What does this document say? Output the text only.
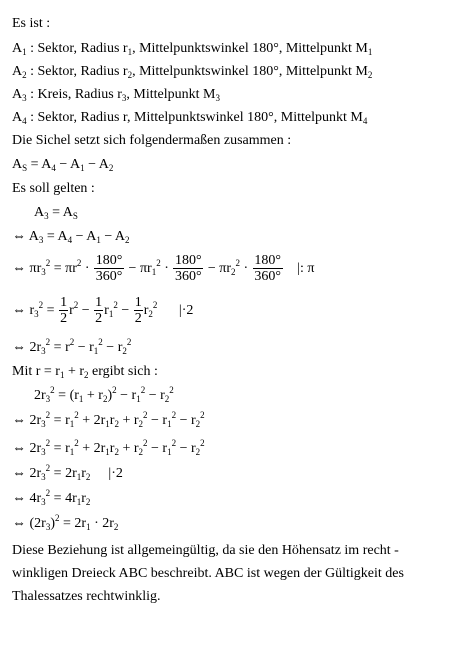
Es ist :
$A_1$ : Sektor, Radius $r_1$, Mittelpunktswinkel 180°, Mittelpunkt $M_1$
$A_2$ : Sektor, Radius $r_2$, Mittelpunktswinkel 180°, Mittelpunkt $M_2$
$A_3$ : Kreis, Radius $r_3$, Mittelpunkt $M_3$
$A_4$ : Sektor, Radius r, Mittelpunktswinkel 180°, Mittelpunkt $M_4$
Die Sichel setzt sich folgendermaßen zusammen :
$A_S = A_4 - A_1 - A_2$
Es soll gelten :
$A_3 = A_S$
⇔ $A_3 = A_4 - A_1 - A_2$
⇔ $\pi r_3^2 = \pi r^2 \cdot \frac{180^\circ}{360^\circ} - \pi r_1^2 \cdot \frac{180^\circ}{360^\circ} - \pi r_2^2 \cdot \frac{180^\circ}{360^\circ}$ |: π
⇔ $r_3^2 = \frac{1}{2} r^2 - \frac{1}{2} r_1^2 - \frac{1}{2} r_2^2$ |·2
⇔ $2r_3^2 = r^2 - r_1^2 - r_2^2$
Mit $r = r_1 + r_2$ ergibt sich :
$2r_3^2 = (r_1 + r_2)^2 - r_1^2 - r_2^2$
⇔ $2r_3^2 = r_1^2 + 2r_1r_2 + r_2^2 - r_1^2 - r_2^2$
⇔ $2r_3^2 = r_1^2 + 2r_1r_2 + r_2^2 - r_1^2 - r_2^2$
⇔ $2r_3^2 = 2r_1r_2$ |·2
⇔ $4r_3^2 = 4r_1r_2$
⇔ $(2r_3)^2 = 2r_1 \cdot 2r_2$
Diese Beziehung ist allgemeingültig, da sie den Höhensatz im recht -
winkligen Dreieck ABC beschreibt. ABC ist wegen der Gültigkeit des
Thalessatzes rechtwinklig.
